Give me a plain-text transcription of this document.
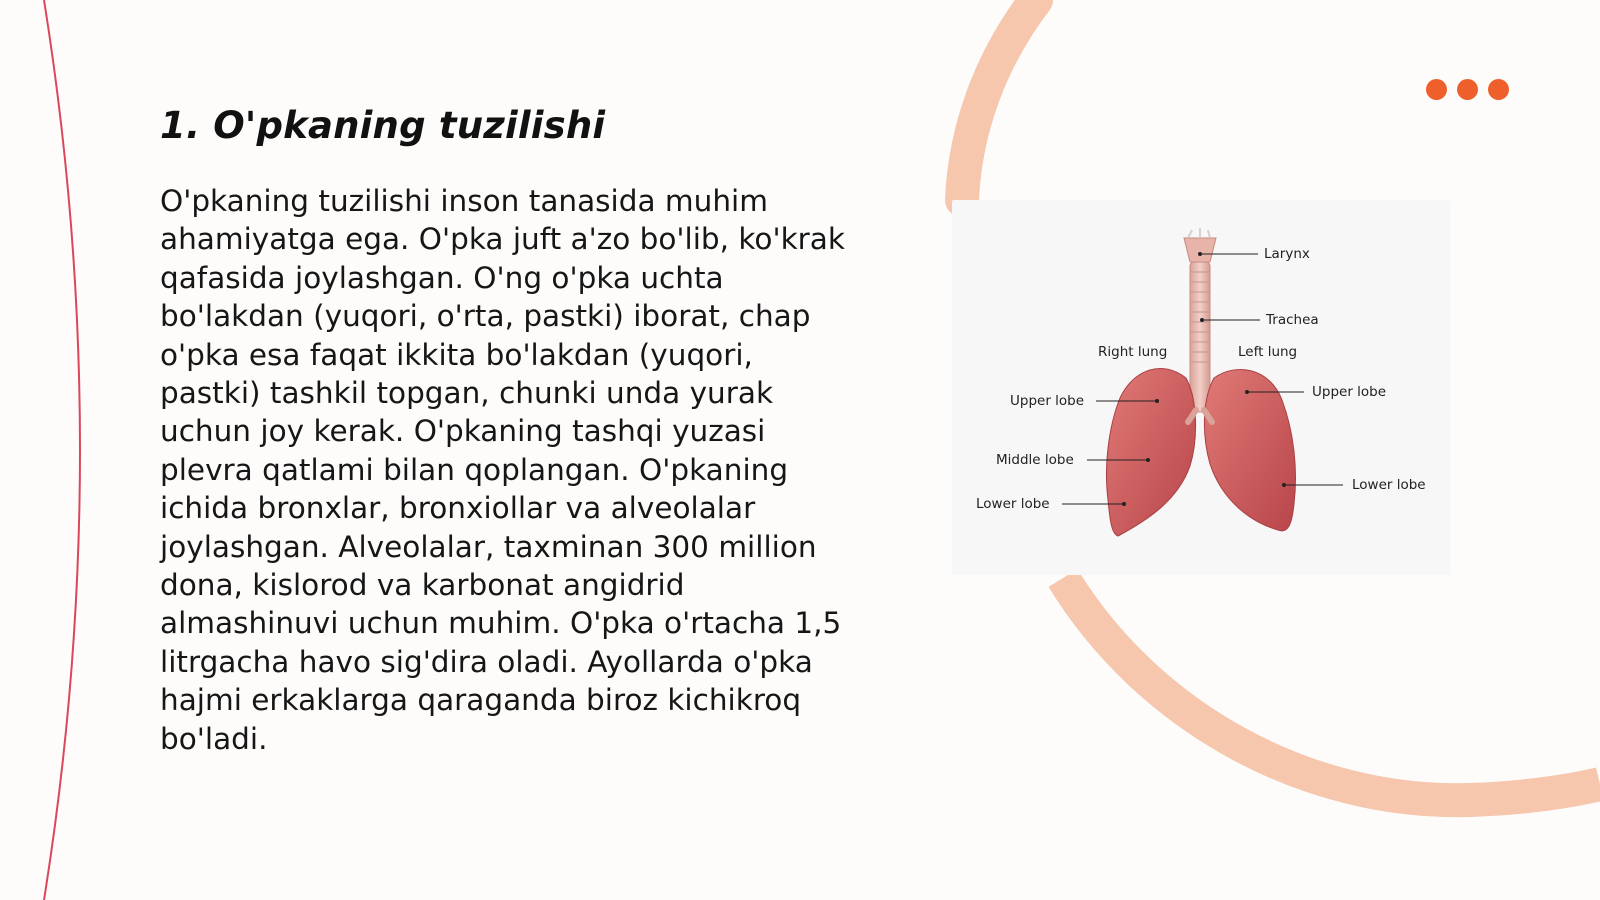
1. O'pkaning tuzilishi

O'pkaning tuzilishi inson tanasida muhim ahamiyatga ega. O'pka juft a'zo bo'lib, ko'krak qafasida joylashgan. O'ng o'pka uchta bo'lakdan (yuqori, o'rta, pastki) iborat, chap o'pka esa faqat ikkita bo'lakdan (yuqori, pastki) tashkil topgan, chunki unda yurak uchun joy kerak. O'pkaning tashqi yuzasi plevra qatlami bilan qoplangan. O'pkaning ichida bronxlar, bronxiollar va alveolalar joylashgan. Alveolalar, taxminan 300 million dona, kislorod va karbonat angidrid almashinuvi uchun muhim. O'pka o'rtacha 1,5 litrgacha havo sig'dira oladi. Ayollarda o'pka hajmi erkaklarga qaraganda biroz kichikroq bo'ladi.

Larynx
Trachea
Right lung	Left lung
Upper lobe
Upper lobe
Middle lobe
Lower lobe
Lower lobe
